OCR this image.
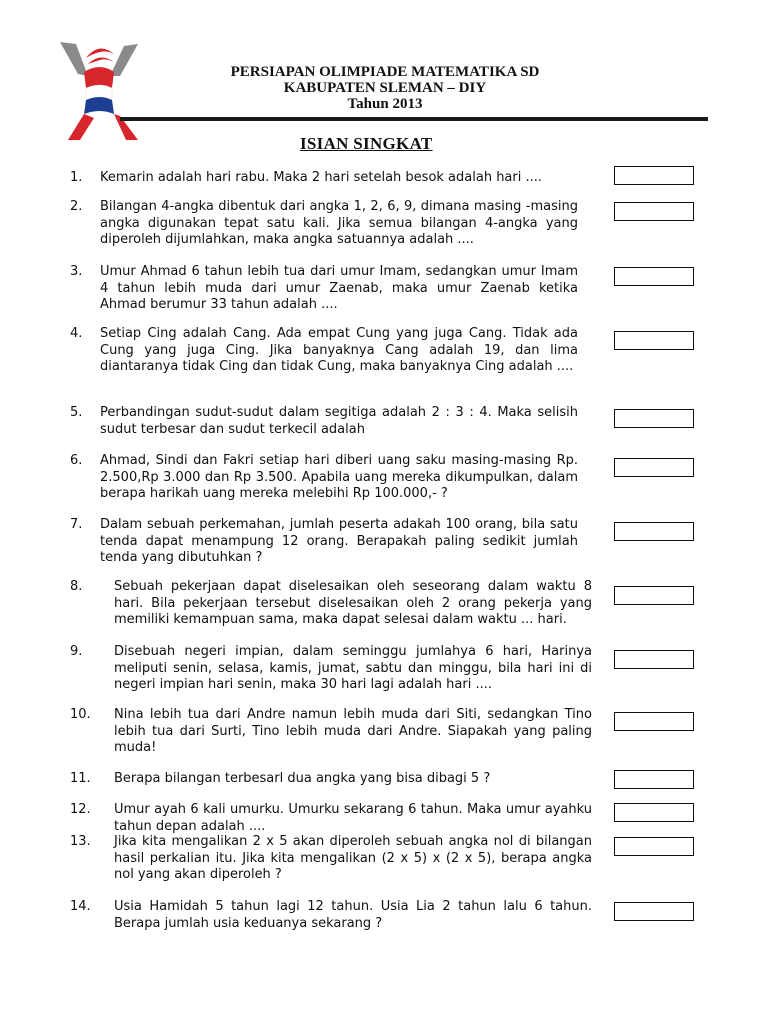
PERSIAPAN OLIMPIADE MATEMATIKA SD
KABUPATEN SLEMAN – DIY
Tahun 2013
ISIAN SINGKAT
1. Kemarin adalah hari rabu. Maka 2 hari setelah besok adalah hari ....
2. Bilangan 4-angka dibentuk dari angka 1, 2, 6, 9, dimana masing -masing angka digunakan tepat satu kali. Jika semua bilangan 4-angka yang diperoleh dijumlahkan, maka angka satuannya adalah ....
3. Umur Ahmad 6 tahun lebih tua dari umur Imam, sedangkan umur Imam 4 tahun lebih muda dari umur Zaenab, maka umur Zaenab ketika Ahmad berumur 33 tahun adalah ....
4. Setiap Cing adalah Cang. Ada empat Cung yang juga Cang. Tidak ada Cung yang juga Cing. Jika banyaknya Cang adalah 19, dan lima diantaranya tidak Cing dan tidak Cung, maka banyaknya Cing adalah ....
5. Perbandingan sudut-sudut dalam segitiga adalah 2 : 3 : 4. Maka selisih sudut terbesar dan sudut terkecil adalah
6. Ahmad, Sindi dan Fakri setiap hari diberi uang saku masing-masing Rp. 2.500,Rp 3.000 dan Rp 3.500. Apabila uang mereka dikumpulkan, dalam berapa harikah uang mereka melebihi Rp 100.000,- ?
7. Dalam sebuah perkemahan, jumlah peserta adakah 100 orang, bila satu tenda dapat menampung 12 orang. Berapakah paling sedikit jumlah tenda yang dibutuhkan ?
8.	Sebuah pekerjaan dapat diselesaikan oleh seseorang dalam waktu 8 hari. Bila pekerjaan tersebut diselesaikan oleh 2 orang pekerja yang memiliki kemampuan sama, maka dapat selesai dalam waktu ... hari.
9.	Disebuah negeri impian, dalam seminggu jumlahya 6 hari, Harinya meliputi senin, selasa, kamis, jumat, sabtu dan minggu, bila hari ini di negeri impian hari senin, maka 30 hari lagi adalah hari ....
10.	Nina lebih tua dari Andre namun lebih muda dari Siti, sedangkan Tino lebih tua dari Surti, Tino lebih muda dari Andre. Siapakah yang paling muda!
11.	Berapa bilangan terbesarl dua angka yang bisa dibagi 5 ?
12.	Umur ayah 6 kali umurku. Umurku sekarang 6 tahun. Maka umur ayahku tahun depan adalah ....
13.	Jika kita mengalikan 2 x 5 akan diperoleh sebuah angka nol di bilangan hasil perkalian itu. Jika kita mengalikan (2 x 5) x (2 x 5), berapa angka nol yang akan diperoleh ?
14.	Usia Hamidah 5 tahun lagi 12 tahun. Usia Lia 2 tahun lalu 6 tahun. Berapa jumlah usia keduanya sekarang ?
